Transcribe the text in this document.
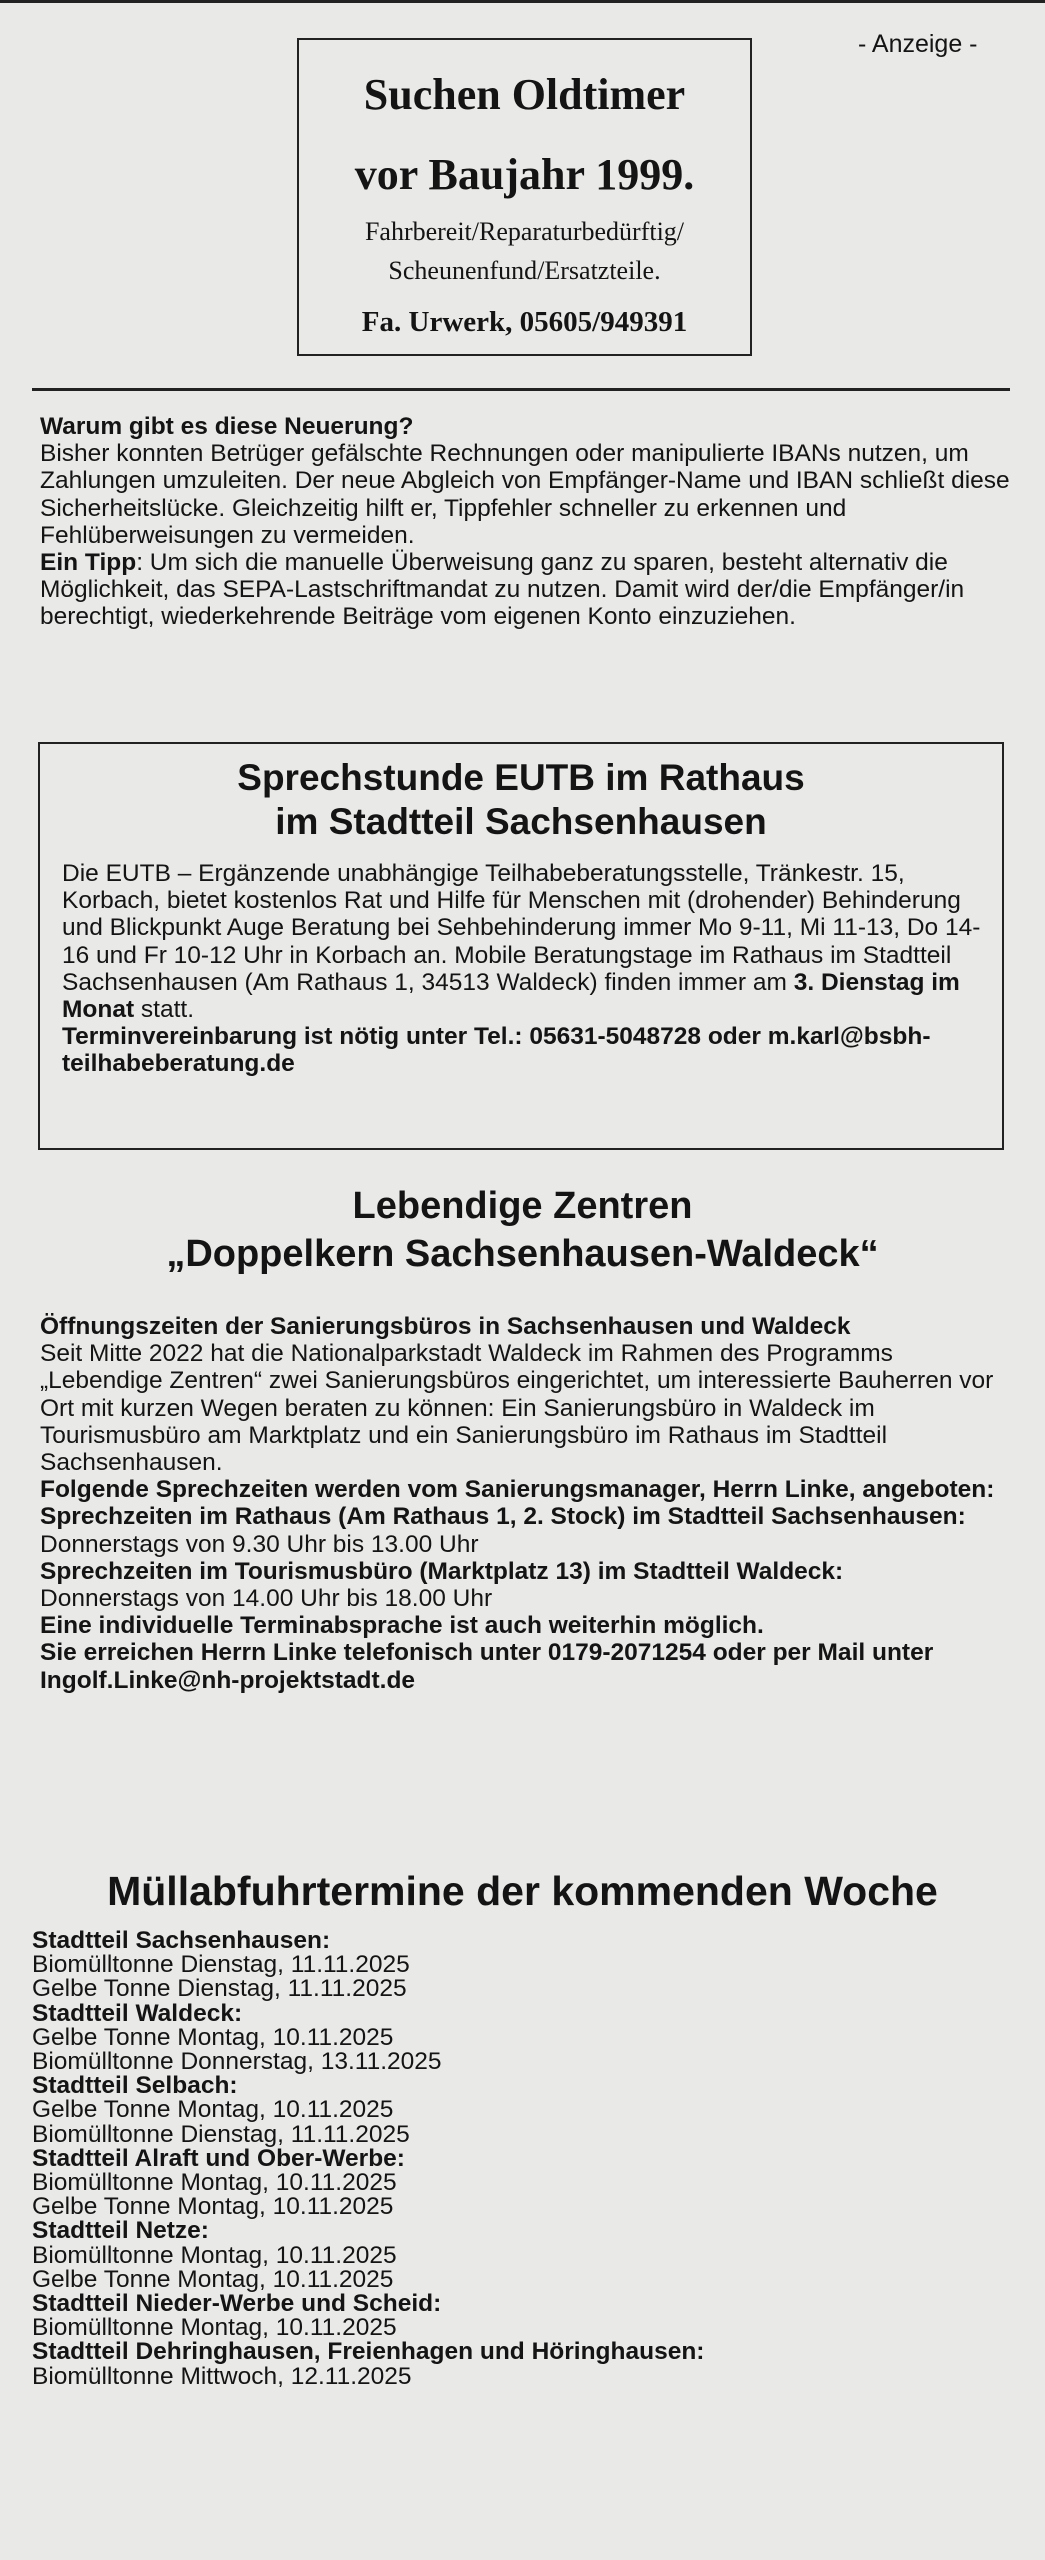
- Anzeige -
Suchen Oldtimer
vor Baujahr 1999.
Fahrbereit/Reparaturbedürftig/
Scheunenfund/Ersatzteile.
Fa. Urwerk, 05605/949391
Warum gibt es diese Neuerung?
Bisher konnten Betrüger gefälschte Rechnungen oder manipulierte IBANs nutzen, um Zahlungen umzuleiten. Der neue Abgleich von Empfänger-Name und IBAN schließt diese Sicherheitslücke. Gleichzeitig hilft er, Tippfehler schneller zu erkennen und Fehlüberweisungen zu vermeiden.
Ein Tipp: Um sich die manuelle Überweisung ganz zu sparen, besteht alternativ die Möglichkeit, das SEPA-Lastschriftmandat zu nutzen. Damit wird der/die Empfänger/in berechtigt, wiederkehrende Beiträge vom eigenen Konto einzuziehen.
Sprechstunde EUTB im Rathaus
im Stadtteil Sachsenhausen
Die EUTB – Ergänzende unabhängige Teilhabeberatungsstelle, Tränkestr. 15, Korbach, bietet kostenlos Rat und Hilfe für Menschen mit (drohender) Behinderung und Blickpunkt Auge Beratung bei Sehbehinderung immer Mo 9-11, Mi 11-13, Do 14-16 und Fr 10-12 Uhr in Korbach an. Mobile Beratungstage im Rathaus im Stadtteil Sachsenhausen (Am Rathaus 1, 34513 Waldeck) finden immer am 3. Dienstag im Monat statt.
Terminvereinbarung ist nötig unter Tel.: 05631-5048728 oder m.karl@bsbh-teilhabeberatung.de
Lebendige Zentren
„Doppelkern Sachsenhausen-Waldeck“
Öffnungszeiten der Sanierungsbüros in Sachsenhausen und Waldeck
Seit Mitte 2022 hat die Nationalparkstadt Waldeck im Rahmen des Programms „Lebendige Zentren“ zwei Sanierungsbüros eingerichtet, um interessierte Bauherren vor Ort mit kurzen Wegen beraten zu können: Ein Sanierungsbüro in Waldeck im Tourismusbüro am Marktplatz und ein Sanierungsbüro im Rathaus im Stadtteil Sachsenhausen.
Folgende Sprechzeiten werden vom Sanierungsmanager, Herrn Linke, angeboten:
Sprechzeiten im Rathaus (Am Rathaus 1, 2. Stock) im Stadtteil Sachsenhausen:
Donnerstags von 9.30 Uhr bis 13.00 Uhr
Sprechzeiten im Tourismusbüro (Marktplatz 13) im Stadtteil Waldeck:
Donnerstags von 14.00 Uhr bis 18.00 Uhr
Eine individuelle Terminabsprache ist auch weiterhin möglich.
Sie erreichen Herrn Linke telefonisch unter 0179-2071254 oder per Mail unter Ingolf.Linke@nh-projektstadt.de
Müllabfuhrtermine der kommenden Woche
Stadtteil Sachsenhausen:
Biomülltonne Dienstag, 11.11.2025
Gelbe Tonne Dienstag, 11.11.2025
Stadtteil Waldeck:
Gelbe Tonne Montag, 10.11.2025
Biomülltonne Donnerstag, 13.11.2025
Stadtteil Selbach:
Gelbe Tonne Montag, 10.11.2025
Biomülltonne Dienstag, 11.11.2025
Stadtteil Alraft und Ober-Werbe:
Biomülltonne Montag, 10.11.2025
Gelbe Tonne Montag, 10.11.2025
Stadtteil Netze:
Biomülltonne Montag, 10.11.2025
Gelbe Tonne Montag, 10.11.2025
Stadtteil Nieder-Werbe und Scheid:
Biomülltonne Montag, 10.11.2025
Stadtteil Dehringhausen, Freienhagen und Höringhausen:
Biomülltonne Mittwoch, 12.11.2025
